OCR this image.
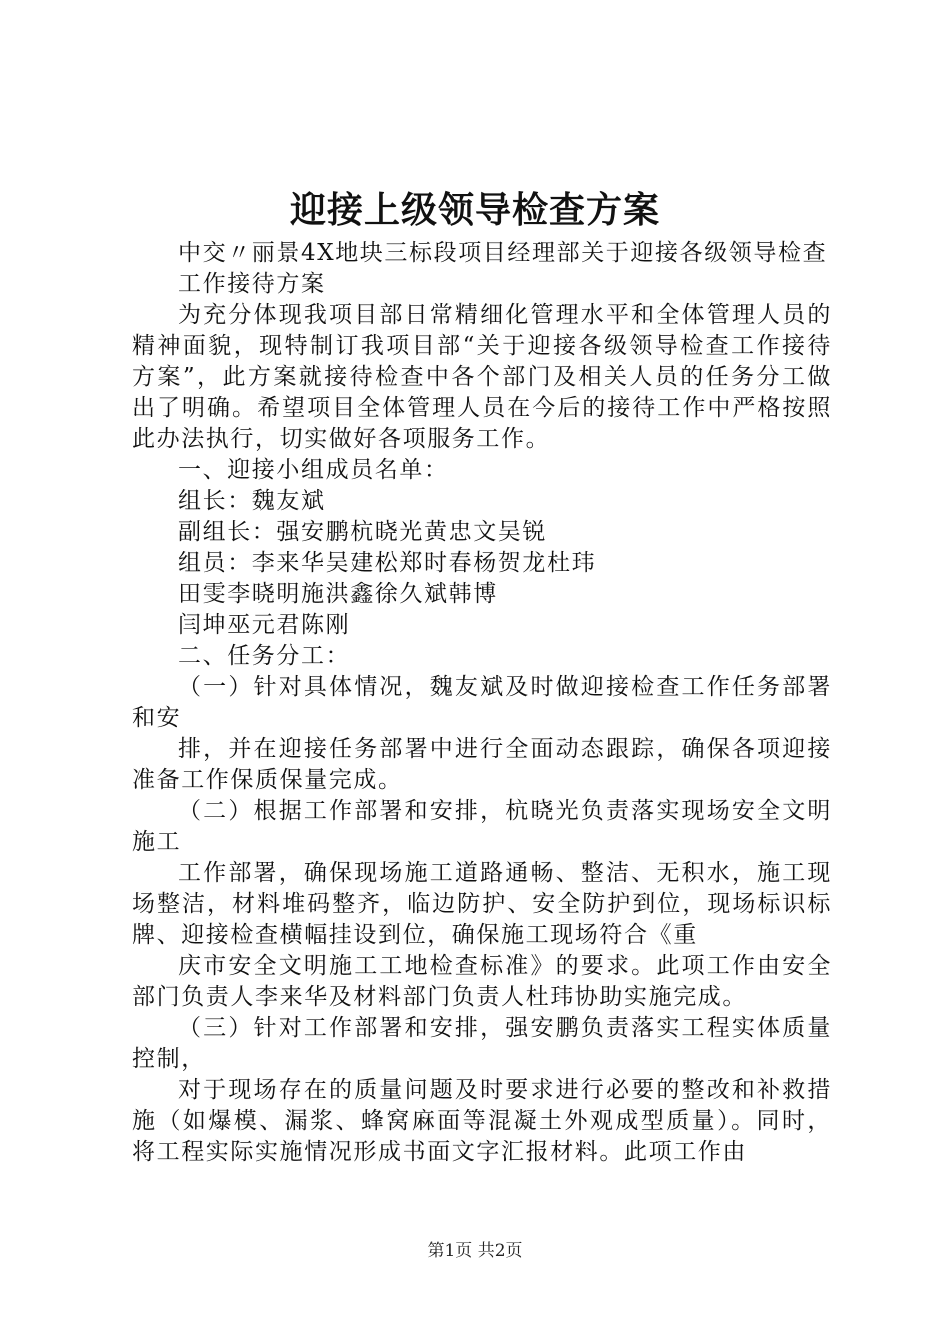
迎接上级领导检查方案

中交〃丽景4X地块三标段项目经理部关于迎接各级领导检查

工作接待方案

为充分体现我项目部日常精细化管理水平和全体管理人员的精神面貌，现特制订我项目部“关于迎接各级领导检查工作接待方案”，此方案就接待检查中各个部门及相关人员的任务分工做出了明确。希望项目全体管理人员在今后的接待工作中严格按照此办法执行，切实做好各项服务工作。

一、迎接小组成员名单：

组长：魏友斌

副组长：强安鹏杭晓光黄忠文吴锐

组员：李来华吴建松郑时春杨贺龙杜玮

田雯李晓明施洪鑫徐久斌韩博

闫坤巫元君陈刚

二、任务分工：

（一）针对具体情况，魏友斌及时做迎接检查工作任务部署和安

排，并在迎接任务部署中进行全面动态跟踪，确保各项迎接准备工作保质保量完成。

（二）根据工作部署和安排，杭晓光负责落实现场安全文明施工

工作部署，确保现场施工道路通畅、整洁、无积水，施工现场整洁，材料堆码整齐，临边防护、安全防护到位，现场标识标牌、迎接检查横幅挂设到位，确保施工现场符合《重

庆市安全文明施工工地检查标准》的要求。此项工作由安全部门负责人李来华及材料部门负责人杜玮协助实施完成。

（三）针对工作部署和安排，强安鹏负责落实工程实体质量控制，

对于现场存在的质量问题及时要求进行必要的整改和补救措施（如爆模、漏浆、蜂窝麻面等混凝土外观成型质量）。同时，将工程实际实施情况形成书面文字汇报材料。此项工作由

第1页 共2页
